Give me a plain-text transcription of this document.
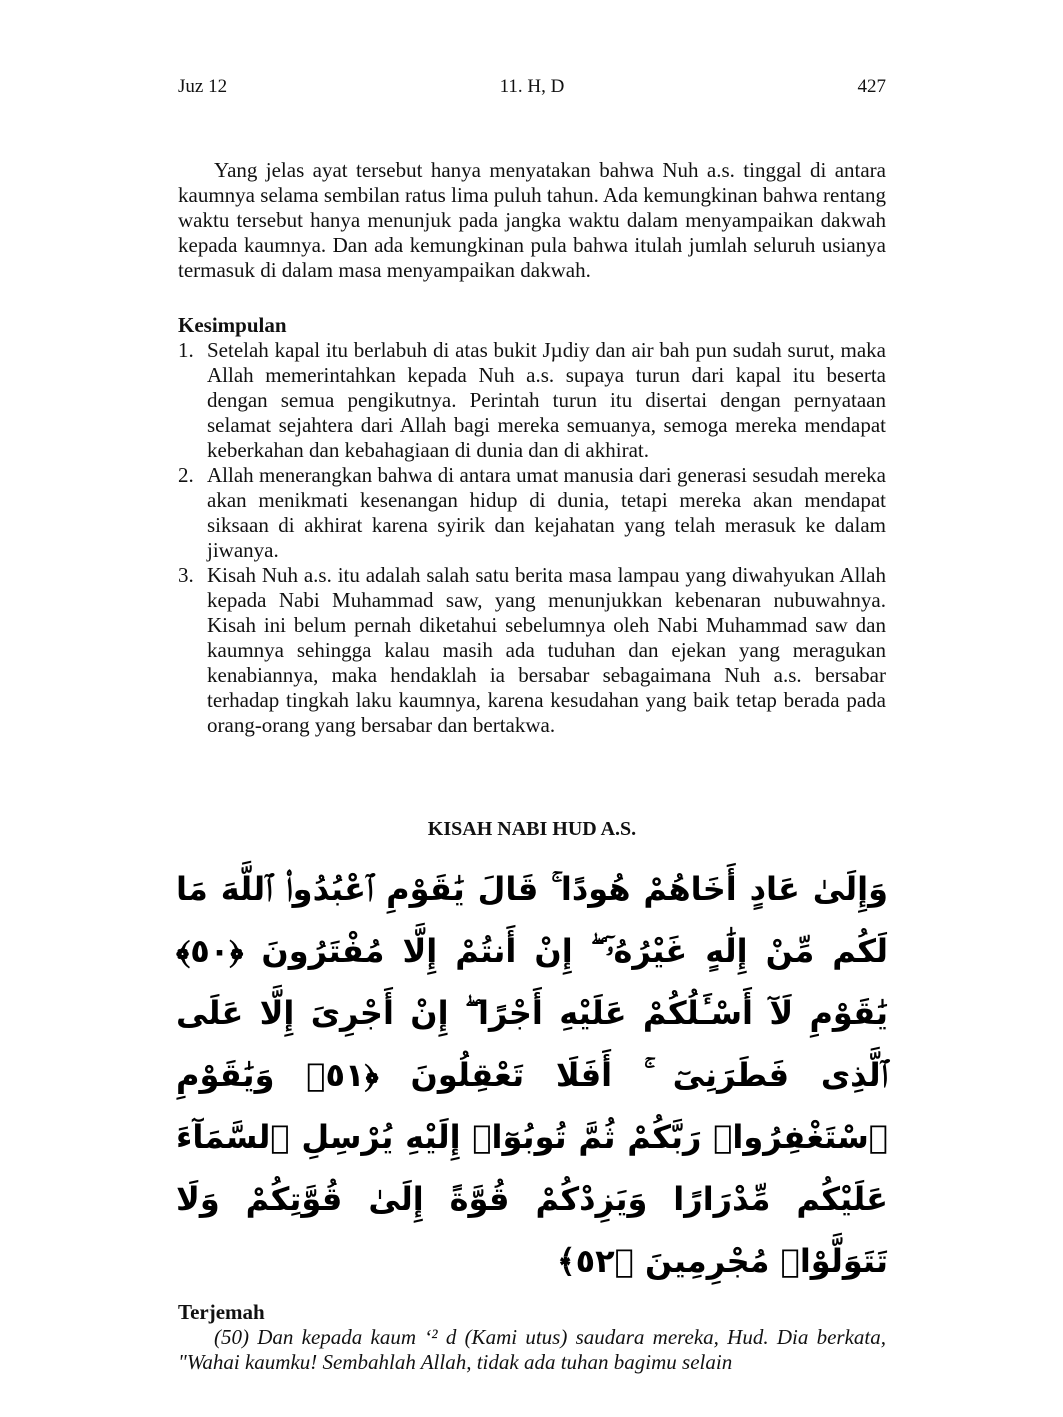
Juz 12	11. H, D	427

Yang jelas ayat tersebut hanya menyatakan bahwa Nuh a.s. tinggal di antara kaumnya selama sembilan ratus lima puluh tahun. Ada kemungkinan bahwa rentang waktu tersebut hanya menunjuk pada jangka waktu dalam menyampaikan dakwah kepada kaumnya. Dan ada kemungkinan pula bahwa itulah jumlah seluruh usianya termasuk di dalam masa menyampaikan dakwah.

Kesimpulan
1. Setelah kapal itu berlabuh di atas bukit Jµdiy dan air bah pun sudah surut, maka Allah memerintahkan kepada Nuh a.s. supaya turun dari kapal itu beserta dengan semua pengikutnya. Perintah turun itu disertai dengan pernyataan selamat sejahtera dari Allah bagi mereka semuanya, semoga mereka mendapat keberkahan dan kebahagiaan di dunia dan di akhirat.
2. Allah menerangkan bahwa di antara umat manusia dari generasi sesudah mereka akan menikmati kesenangan hidup di dunia, tetapi mereka akan mendapat siksaan di akhirat karena syirik dan kejahatan yang telah merasuk ke dalam jiwanya.
3. Kisah Nuh a.s. itu adalah salah satu berita masa lampau yang diwahyukan Allah kepada Nabi Muhammad saw, yang menunjukkan kebenaran nubuwahnya. Kisah ini belum pernah diketahui sebelumnya oleh Nabi Muhammad saw dan kaumnya sehingga kalau masih ada tuduhan dan ejekan yang meragukan kenabiannya, maka hendaklah ia bersabar sebagaimana Nuh a.s. bersabar terhadap tingkah laku kaumnya, karena kesudahan yang baik tetap berada pada orang-orang yang bersabar dan bertakwa.
KISAH NABI HUD A.S.
وَإِلَىٰ عَادٍ أَخَاهُمْ هُودًا ۚ قَالَ يَٰقَوْمِ ٱعْبُدُوا۟ ٱللَّهَ مَا لَكُم مِّنْ إِلَٰهٍ غَيْرُهُۥٓ ۖ إِنْ أَنتُمْ إِلَّا مُفْتَرُونَ ﴿٥٠﴾ يَٰقَوْمِ لَآ أَسْـَٔلُكُمْ عَلَيْهِ أَجْرًا ۖ إِنْ أَجْرِىَ إِلَّا عَلَى ٱلَّذِى فَطَرَنِىٓ ۚ أَفَلَا تَعْقِلُونَ ﴿٥١﴾ وَيَٰقَوْمِ ٱسْتَغْفِرُوا۟ رَبَّكُمْ ثُمَّ تُوبُوٓا۟ إِلَيْهِ يُرْسِلِ ٱلسَّمَآءَ عَلَيْكُم مِّدْرَارًا وَيَزِدْكُمْ قُوَّةً إِلَىٰ قُوَّتِكُمْ وَلَا تَتَوَلَّوْا۟ مُجْرِمِينَ ﴿٥٢﴾
Terjemah

(50) Dan kepada kaum ‘² d (Kami utus) saudara mereka, Hud. Dia berkata, "Wahai kaumku! Sembahlah Allah, tidak ada tuhan bagimu selain
